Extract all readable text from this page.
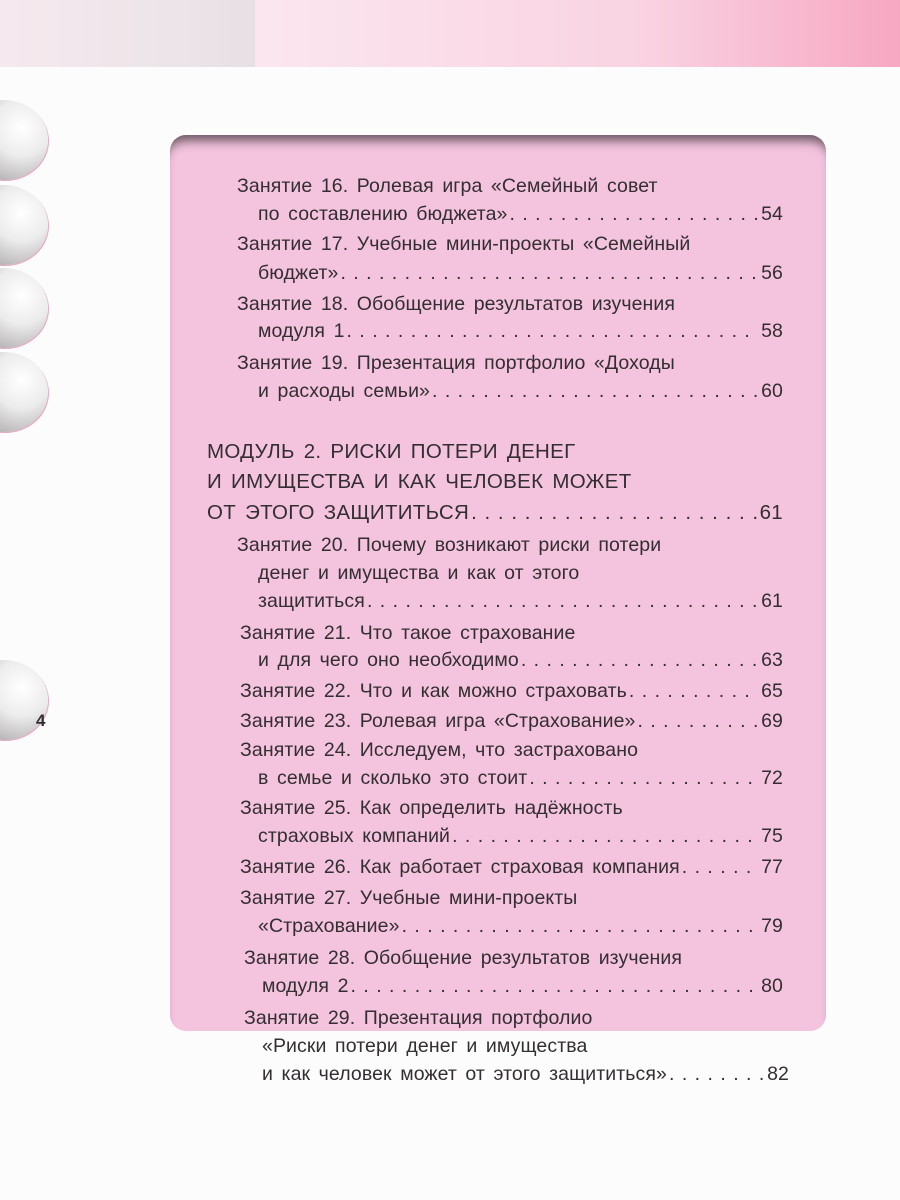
4
Занятие 16. Ролевая игра «Семейный совет
по составлению бюджета» . . .	54
Занятие 17. Учебные мини-проекты «Семейный
бюджет» . . .	56
Занятие 18. Обобщение результатов изучения
модуля 1 . . .	58
Занятие 19. Презентация портфолио «Доходы
и расходы семьи» . . .	60
МОДУЛЬ 2. РИСКИ ПОТЕРИ ДЕНЕГ
И ИМУЩЕСТВА И КАК ЧЕЛОВЕК МОЖЕТ
ОТ ЭТОГО ЗАЩИТИТЬСЯ . . .	61
Занятие 20. Почему возникают риски потери
денег и имущества и как от этого
защититься . . .	61
Занятие 21. Что такое страхование
и для чего оно необходимо . . .	63
Занятие 22. Что и как можно страховать . . .	65
Занятие 23. Ролевая игра «Страхование» . . .	69
Занятие 24. Исследуем, что застраховано
в семье и сколько это стоит . . .	72
Занятие 25. Как определить надёжность
страховых компаний . . .	75
Занятие 26. Как работает страховая компания . . .	77
Занятие 27. Учебные мини-проекты
«Страхование» . . .	79
Занятие 28. Обобщение результатов изучения
модуля 2 . . .	80
Занятие 29. Презентация портфолио
«Риски потери денег и имущества
и как человек может от этого защититься» . . .	82
